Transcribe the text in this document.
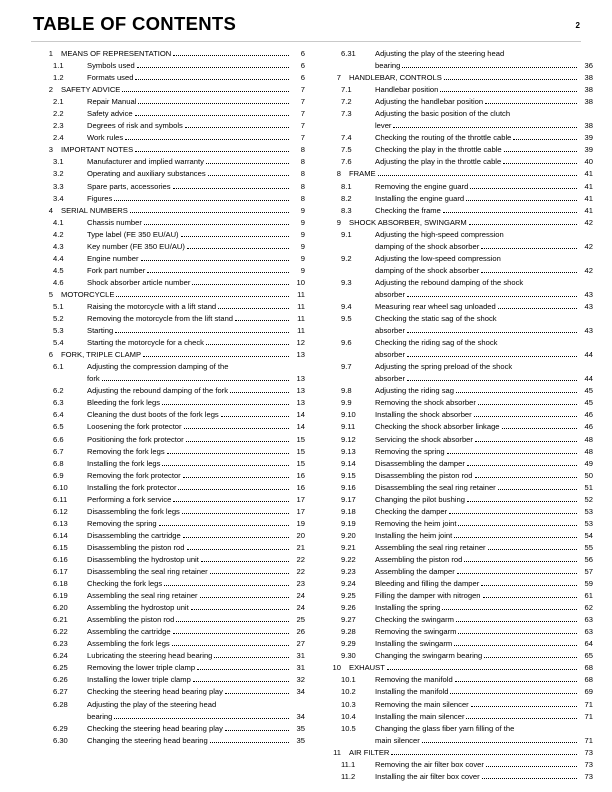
TABLE OF CONTENTS	2
1 MEANS OF REPRESENTATION	6
1.1	Symbols used	6
1.2	Formats used	6
2 SAFETY ADVICE	7
2.1	Repair Manual	7
2.2	Safety advice	7
2.3	Degrees of risk and symbols	7
2.4	Work rules	7
3 IMPORTANT NOTES	8
3.1	Manufacturer and implied warranty	8
3.2	Operating and auxiliary substances	8
3.3	Spare parts, accessories	8
3.4	Figures	8
4 SERIAL NUMBERS	9
4.1	Chassis number	9
4.2	Type label (FE 350 EU/AU)	9
4.3	Key number (FE 350 EU/AU)	9
4.4	Engine number	9
4.5	Fork part number	9
4.6	Shock absorber article number	10
5 MOTORCYCLE	11
5.1	Raising the motorcycle with a lift stand	11
5.2	Removing the motorcycle from the lift stand	11
5.3	Starting	11
5.4	Starting the motorcycle for a check	12
6 FORK, TRIPLE CLAMP	13
6.1	Adjusting the compression damping of the
fork	13
6.2	Adjusting the rebound damping of the fork	13
6.3	Bleeding the fork legs	13
6.4	Cleaning the dust boots of the fork legs	14
6.5	Loosening the fork protector	14
6.6	Positioning the fork protector	15
6.7	Removing the fork legs	15
6.8	Installing the fork legs	15
6.9	Removing the fork protector	16
6.10	Installing the fork protector	16
6.11	Performing a fork service	17
6.12	Disassembling the fork legs	17
6.13	Removing the spring	19
6.14	Disassembling the cartridge	20
6.15	Disassembling the piston rod	21
6.16	Disassembling the hydrostop unit	22
6.17	Disassembling the seal ring retainer	22
6.18	Checking the fork legs	23
6.19	Assembling the seal ring retainer	24
6.20	Assembling the hydrostop unit	24
6.21	Assembling the piston rod	25
6.22	Assembling the cartridge	26
6.23	Assembling the fork legs	27
6.24	Lubricating the steering head bearing	31
6.25	Removing the lower triple clamp	31
6.26	Installing the lower triple clamp	32
6.27	Checking the steering head bearing play	34
6.28	Adjusting the play of the steering head
bearing	34
6.29	Checking the steering head bearing play	35
6.30	Changing the steering head bearing	35
6.31	Adjusting the play of the steering head
bearing	36
7 HANDLEBAR, CONTROLS	38
7.1	Handlebar position	38
7.2	Adjusting the handlebar position	38
7.3	Adjusting the basic position of the clutch
lever	38
7.4	Checking the routing of the throttle cable	39
7.5	Checking the play in the throttle cable	39
7.6	Adjusting the play in the throttle cable	40
8 FRAME	41
8.1	Removing the engine guard	41
8.2	Installing the engine guard	41
8.3	Checking the frame	41
9 SHOCK ABSORBER, SWINGARM	42
9.1	Adjusting the high-speed compression
damping of the shock absorber	42
9.2	Adjusting the low-speed compression
damping of the shock absorber	42
9.3	Adjusting the rebound damping of the shock
absorber	43
9.4	Measuring rear wheel sag unloaded	43
9.5	Checking the static sag of the shock
absorber	43
9.6	Checking the riding sag of the shock
absorber	44
9.7	Adjusting the spring preload of the shock
absorber	44
9.8	Adjusting the riding sag	45
9.9	Removing the shock absorber	45
9.10	Installing the shock absorber	46
9.11	Checking the shock absorber linkage	46
9.12	Servicing the shock absorber	48
9.13	Removing the spring	48
9.14	Disassembling the damper	49
9.15	Disassembling the piston rod	50
9.16	Disassembling the seal ring retainer	51
9.17	Changing the pilot bushing	52
9.18	Checking the damper	53
9.19	Removing the heim joint	53
9.20	Installing the heim joint	54
9.21	Assembling the seal ring retainer	55
9.22	Assembling the piston rod	56
9.23	Assembling the damper	57
9.24	Bleeding and filling the damper	59
9.25	Filling the damper with nitrogen	61
9.26	Installing the spring	62
9.27	Checking the swingarm	63
9.28	Removing the swingarm	63
9.29	Installing the swingarm	64
9.30	Changing the swingarm bearing	65
10 EXHAUST	68
10.1	Removing the manifold	68
10.2	Installing the manifold	69
10.3	Removing the main silencer	71
10.4	Installing the main silencer	71
10.5	Changing the glass fiber yarn filling of the
main silencer	71
11 AIR FILTER	73
11.1	Removing the air filter box cover	73
11.2	Installing the air filter box cover	73
